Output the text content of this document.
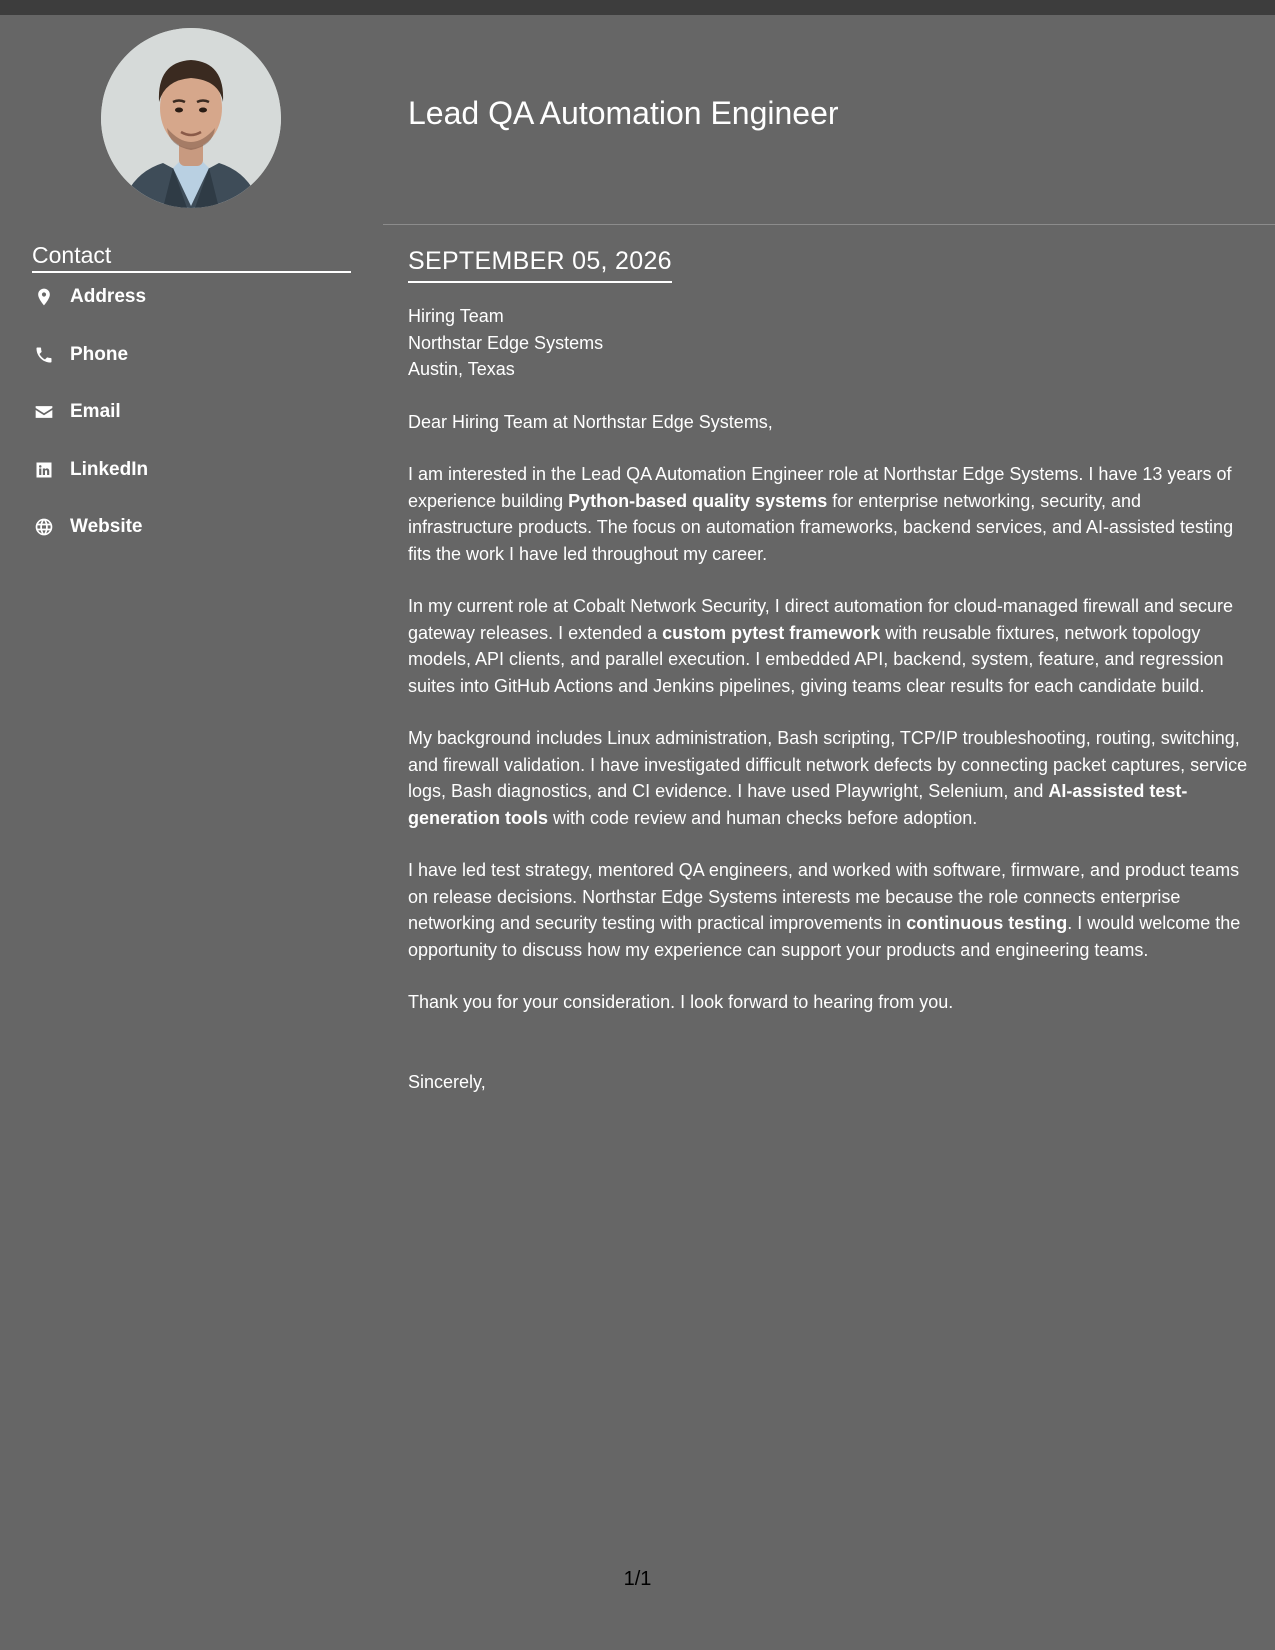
Contact
Address
Phone
Email
LinkedIn
Website
Lead QA Automation Engineer
SEPTEMBER 05, 2026

Hiring Team

Northstar Edge Systems

Austin, Texas

Dear Hiring Team at Northstar Edge Systems,

I am interested in the Lead QA Automation Engineer role at Northstar Edge Systems. I have 13 years of experience building Python-based quality systems for enterprise networking, security, and infrastructure products. The focus on automation frameworks, backend services, and AI-assisted testing fits the work I have led throughout my career.

In my current role at Cobalt Network Security, I direct automation for cloud-managed firewall and secure gateway releases. I extended a custom pytest framework with reusable fixtures, network topology models, API clients, and parallel execution. I embedded API, backend, system, feature, and regression suites into GitHub Actions and Jenkins pipelines, giving teams clear results for each candidate build.

My background includes Linux administration, Bash scripting, TCP/IP troubleshooting, routing, switching, and firewall validation. I have investigated difficult network defects by connecting packet captures, service logs, Bash diagnostics, and CI evidence. I have used Playwright, Selenium, and AI-assisted test-generation tools with code review and human checks before adoption.

I have led test strategy, mentored QA engineers, and worked with software, firmware, and product teams on release decisions. Northstar Edge Systems interests me because the role connects enterprise networking and security testing with practical improvements in continuous testing. I would welcome the opportunity to discuss how my experience can support your products and engineering teams.

Thank you for your consideration. I look forward to hearing from you.

Sincerely,

1/1
